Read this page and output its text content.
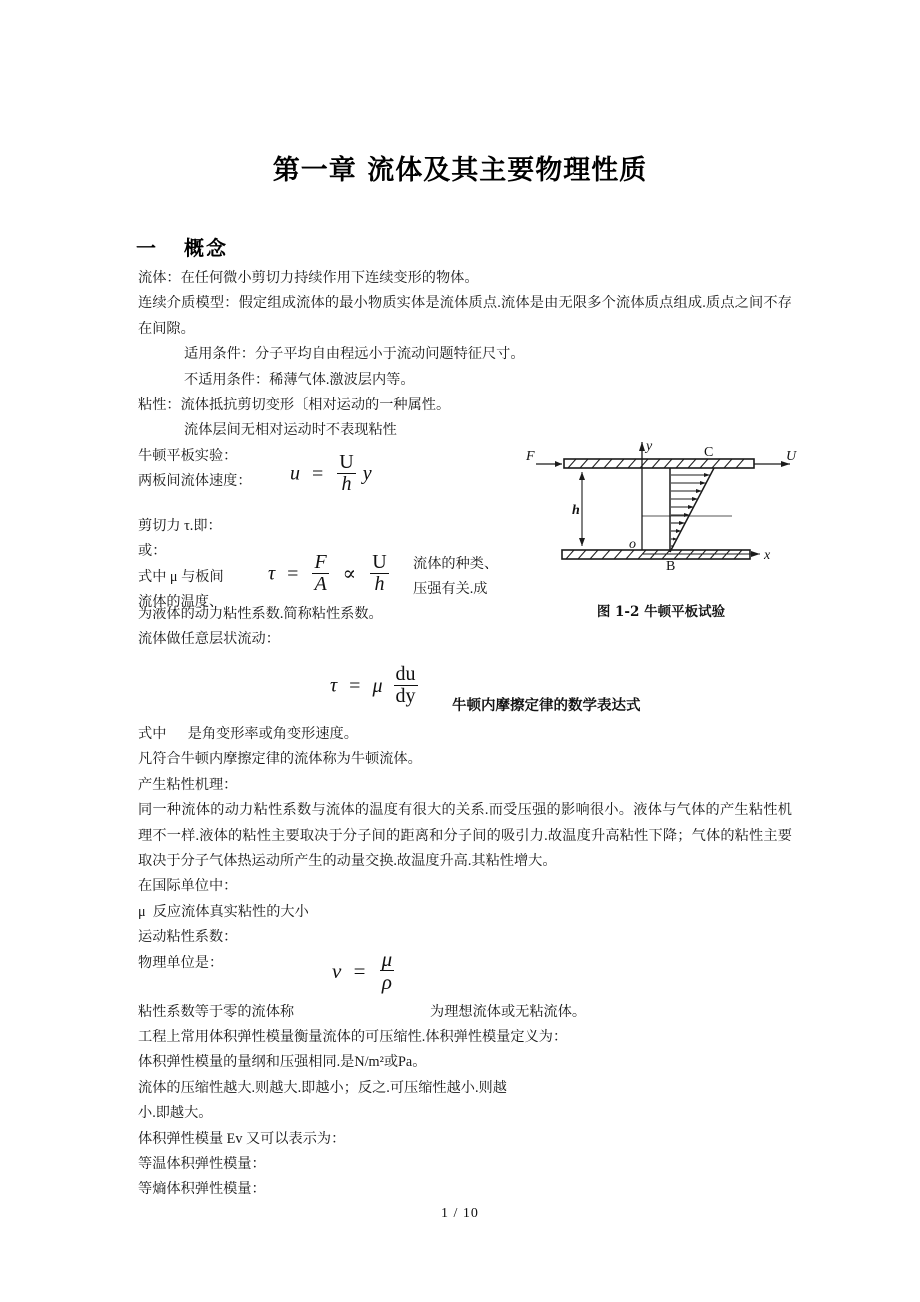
第一章 流体及其主要物理性质
一 概念

流体：在任何微小剪切力持续作用下连续变形的物体。

连续介质模型：假定组成流体的最小物质实体是流体质点.流体是由无限多个流体质点组成.质点之间不存在间隙。

适用条件：分子平均自由程远小于流动问题特征尺寸。

不适用条件：稀薄气体.激波层内等。

粘性：流体抵抗剪切变形〔相对运动的一种属性。

流体层间无相对运动时不表现粘性

牛顿平板实验：

两板间流体速度：	$u = \frac{U}{h}$ y

剪切力 τ.即：

或：

式中 μ 与板间

流体的温度、

$\tau = \frac{F}{A} \propto \frac{U}{h}$ 流体的种类、
压强有关.成

为液体的动力粘性系数.简称粘性系数。

流体做任意层状流动：

F	U
y
h
o
x
C
B
图 1-2 牛顿平板试验
τ = μ $\frac{du}{dy}$ 牛顿内摩擦定律的数学表达式

式中      是角变形率或角变形速度。

凡符合牛顿内摩擦定律的流体称为牛顿流体。

产生粘性机理：

同一种流体的动力粘性系数与流体的温度有很大的关系.而受压强的影响很小。液体与气体的产生粘性机理不一样.液体的粘性主要取决于分子间的距离和分子间的吸引力.故温度升高粘性下降；气体的粘性主要取决于分子气体热运动所产生的动量交换.故温度升高.其粘性增大。

在国际单位中：

μ  反应流体真实粘性的大小

运动粘性系数：

物理单位是：	$\nu = \frac{\mu}{\rho}$
粘性系数等于零的流体称	为理想流体或无粘流体。

工程上常用体积弹性模量衡量流体的可压缩性.体积弹性模量定义为：

体积弹性模量的量纲和压强相同.是N/m²或Pa。

流体的压缩性越大.则越大.即越小；反之.可压缩性越小.则越

小.即越大。

体积弹性模量 Ev 又可以表示为：

等温体积弹性模量：

等熵体积弹性模量：

1 / 10
